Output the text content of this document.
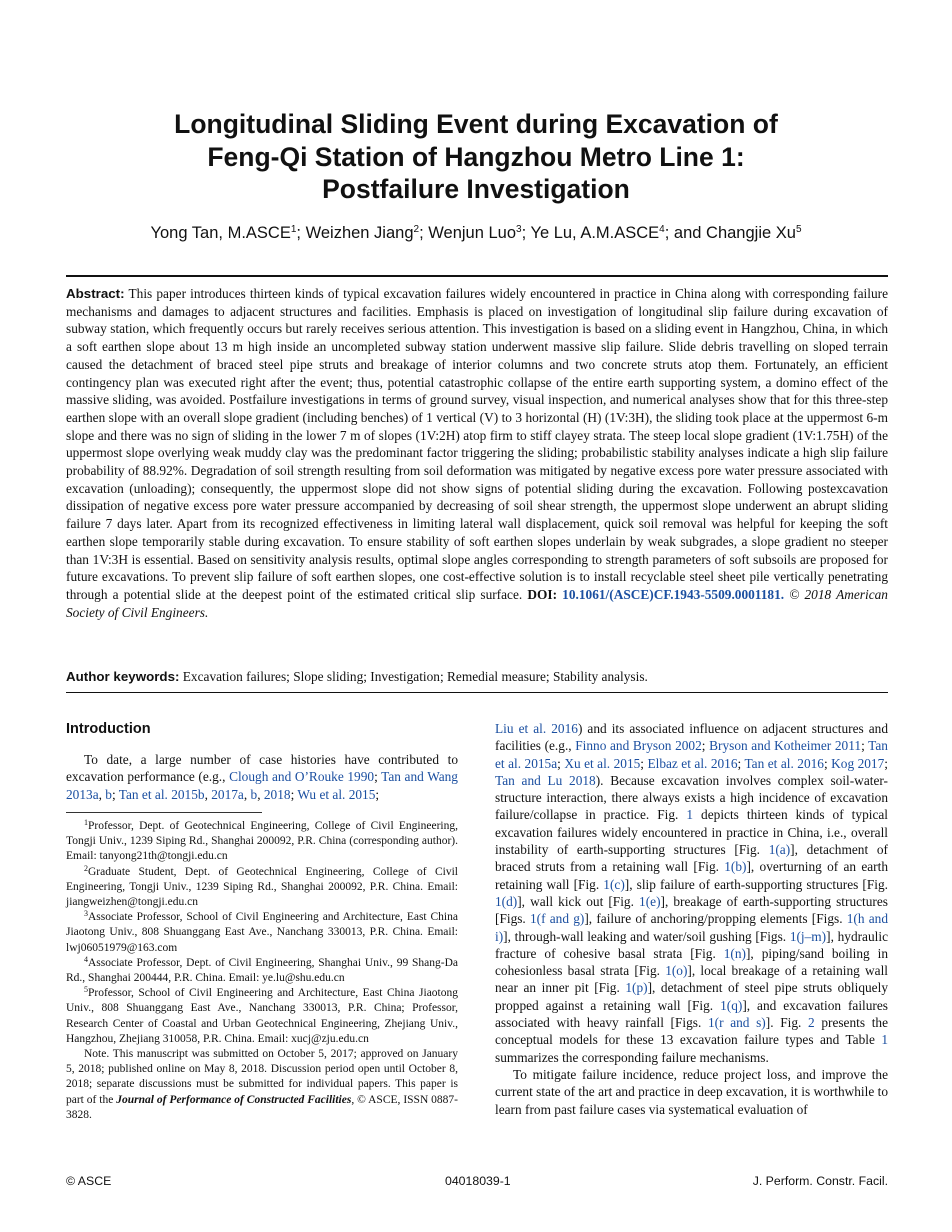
Longitudinal Sliding Event during Excavation of
Feng-Qi Station of Hangzhou Metro Line 1:
Postfailure Investigation
Yong Tan, M.ASCE$^1$; Weizhen Jiang$^2$; Wenjun Luo$^3$; Ye Lu, A.M.ASCE$^4$; and Changjie Xu$^5$
Abstract: This paper introduces thirteen kinds of typical excavation failures widely encountered in practice in China along with corresponding failure mechanisms and damages to adjacent structures and facilities. Emphasis is placed on investigation of longitudinal slip failure during excavation of subway station, which frequently occurs but rarely receives serious attention. This investigation is based on a sliding event in Hangzhou, China, in which a soft earthen slope about 13 m high inside an uncompleted subway station underwent massive slip failure. Slide debris travelling on sloped terrain caused the detachment of braced steel pipe struts and breakage of interior columns and two concrete struts atop them. Fortunately, an efficient contingency plan was executed right after the event; thus, potential catastrophic collapse of the entire earth supporting system, a domino effect of the massive sliding, was avoided. Postfailure investigations in terms of ground survey, visual inspection, and numerical analyses show that for this three-step earthen slope with an overall slope gradient (including benches) of 1 vertical (V) to 3 horizontal (H) (1V:3H), the sliding took place at the uppermost 6-m slope and there was no sign of sliding in the lower 7 m of slopes (1V:2H) atop firm to stiff clayey strata. The steep local slope gradient (1V:1.75H) of the uppermost slope overlying weak muddy clay was the predominant factor triggering the sliding; probabilistic stability analyses indicate a high slip failure probability of 88.92%. Degradation of soil strength resulting from soil deformation was mitigated by negative excess pore water pressure associated with excavation (unloading); consequently, the uppermost slope did not show signs of potential sliding during the excavation. Following postexcavation dissipation of negative excess pore water pressure accompanied by decreasing of soil shear strength, the uppermost slope underwent an abrupt sliding failure 7 days later. Apart from its recognized effectiveness in limiting lateral wall displacement, quick soil removal was helpful for keeping the soft earthen slope temporarily stable during excavation. To ensure stability of soft earthen slopes underlain by weak subgrades, a slope gradient no steeper than 1V:3H is essential. Based on sensitivity analysis results, optimal slope angles corresponding to strength parameters of soft subsoils are proposed for future excavations. To prevent slip failure of soft earthen slopes, one cost-effective solution is to install recyclable steel sheet pile vertically penetrating through a potential slide at the deepest point of the estimated critical slip surface. DOI: 10.1061/(ASCE)CF.1943-5509.0001181. © 2018 American Society of Civil Engineers.
Author keywords: Excavation failures; Slope sliding; Investigation; Remedial measure; Stability analysis.
Introduction

To date, a large number of case histories have contributed to excavation performance (e.g., Clough and O’Rouke 1990; Tan and Wang 2013a, b; Tan et al. 2015b, 2017a, b, 2018; Wu et al. 2015;

$^1$Professor, Dept. of Geotechnical Engineering, College of Civil Engineering, Tongji Univ., 1239 Siping Rd., Shanghai 200092, P.R. China (corresponding author). Email: tanyong21th@tongji.edu.cn

$^2$Graduate Student, Dept. of Geotechnical Engineering, College of Civil Engineering, Tongji Univ., 1239 Siping Rd., Shanghai 200092, P.R. China. Email: jiangweizhen@tongji.edu.cn

$^3$Associate Professor, School of Civil Engineering and Architecture, East China Jiaotong Univ., 808 Shuanggang East Ave., Nanchang 330013, P.R. China. Email: lwj06051979@163.com

$^4$Associate Professor, Dept. of Civil Engineering, Shanghai Univ., 99 Shang-Da Rd., Shanghai 200444, P.R. China. Email: ye.lu@shu.edu.cn

$^5$Professor, School of Civil Engineering and Architecture, East China Jiaotong Univ., 808 Shuanggang East Ave., Nanchang 330013, P.R. China; Professor, Research Center of Coastal and Urban Geotechnical Engineering, Zhejiang Univ., Hangzhou, Zhejiang 310058, P.R. China. Email: xucj@zju.edu.cn

Note. This manuscript was submitted on October 5, 2017; approved on January 5, 2018; published online on May 8, 2018. Discussion period open until October 8, 2018; separate discussions must be submitted for individual papers. This paper is part of the Journal of Performance of Constructed Facilities, © ASCE, ISSN 0887-3828.

Liu et al. 2016) and its associated influence on adjacent structures and facilities (e.g., Finno and Bryson 2002; Bryson and Kotheimer 2011; Tan et al. 2015a; Xu et al. 2015; Elbaz et al. 2016; Tan et al. 2016; Kog 2017; Tan and Lu 2018). Because excavation involves complex soil-water-structure interaction, there always exists a high incidence of excavation failure/collapse in practice. Fig. 1 depicts thirteen kinds of typical excavation failures widely encountered in practice in China, i.e., overall instability of earth-supporting structures [Fig. 1(a)], detachment of braced struts from a retaining wall [Fig. 1(b)], overturning of an earth retaining wall [Fig. 1(c)], slip failure of earth-supporting structures [Fig. 1(d)], wall kick out [Fig. 1(e)], breakage of earth-supporting structures [Figs. 1(f and g)], failure of anchoring/propping elements [Figs. 1(h and i)], through-wall leaking and water/soil gushing [Figs. 1(j–m)], hydraulic fracture of cohesive basal strata [Fig. 1(n)], piping/sand boiling in cohesionless basal strata [Fig. 1(o)], local breakage of a retaining wall near an inner pit [Fig. 1(p)], detachment of steel pipe struts obliquely propped against a retaining wall [Fig. 1(q)], and excavation failures associated with heavy rainfall [Figs. 1(r and s)]. Fig. 2 presents the conceptual models for these 13 excavation failure types and Table 1 summarizes the corresponding failure mechanisms.

To mitigate failure incidence, reduce project loss, and improve the current state of the art and practice in deep excavation, it is worthwhile to learn from past failure cases via systematical evaluation of

© ASCE	04018039-1	J. Perform. Constr. Facil.
